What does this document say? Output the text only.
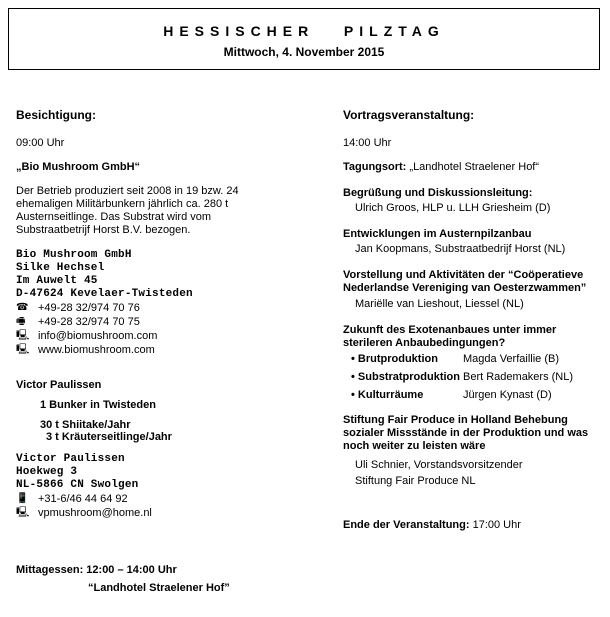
HESSISCHER   PILZTAG
Mittwoch, 4. November 2015
Besichtigung:
09:00 Uhr
„Bio Mushroom GmbH“
Der Betrieb produziert seit 2008 in 19 bzw. 24 ehemaligen Militärbunkern jährlich ca. 280 t Austernseitlinge. Das Substrat wird vom Substraatbetrijf Horst B.V. bezogen.
Bio Mushroom GmbH
Silke Hechsel
Im Auwelt 45
D-47624 Kevelaer-Twisteden
☎ +49-28 32/974 70 76
🖷	+49-28 32/974 70 75
🖳 info@biomushroom.com
🖳 www.biomushroom.com
Victor Paulissen
1 Bunker in Twisteden
30 t Shiitake/Jahr
3 t Kräuterseitlinge/Jahr
Victor Paulissen
Hoekweg 3
NL-5866 CN Swolgen
📱 +31-6/46 44 64 92
🖳 vpmushroom@home.nl
Mittagessen: 12:00 – 14:00 Uhr
“Landhotel Straelener Hof”
Vortragsveranstaltung:
14:00 Uhr
Tagungsort: „Landhotel Straelener Hof“
Begrüßung und Diskussionsleitung:
Ulrich Groos, HLP u. LLH Griesheim (D)
Entwicklungen im Austernpilzanbau
Jan Koopmans, Substraatbedrijf Horst (NL)
Vorstellung und Aktivitäten der “Coöperatieve Nederlandse Vereniging van Oesterzwammen”
Mariëlle van Lieshout, Liessel (NL)
Zukunft des Exotenanbaues unter immer sterileren Anbaubedingungen?
• Brutproduktion	Magda Verfaillie (B)
• Substratproduktion Bert Rademakers (NL)
• Kulturräume	Jürgen Kynast (D)
Stiftung Fair Produce in Holland Behebung sozialer Missstände in der Produktion und was noch weiter zu leisten wäre
Uli Schnier, Vorstandsvorsitzender
Stiftung Fair Produce NL
Ende der Veranstaltung: 17:00 Uhr
